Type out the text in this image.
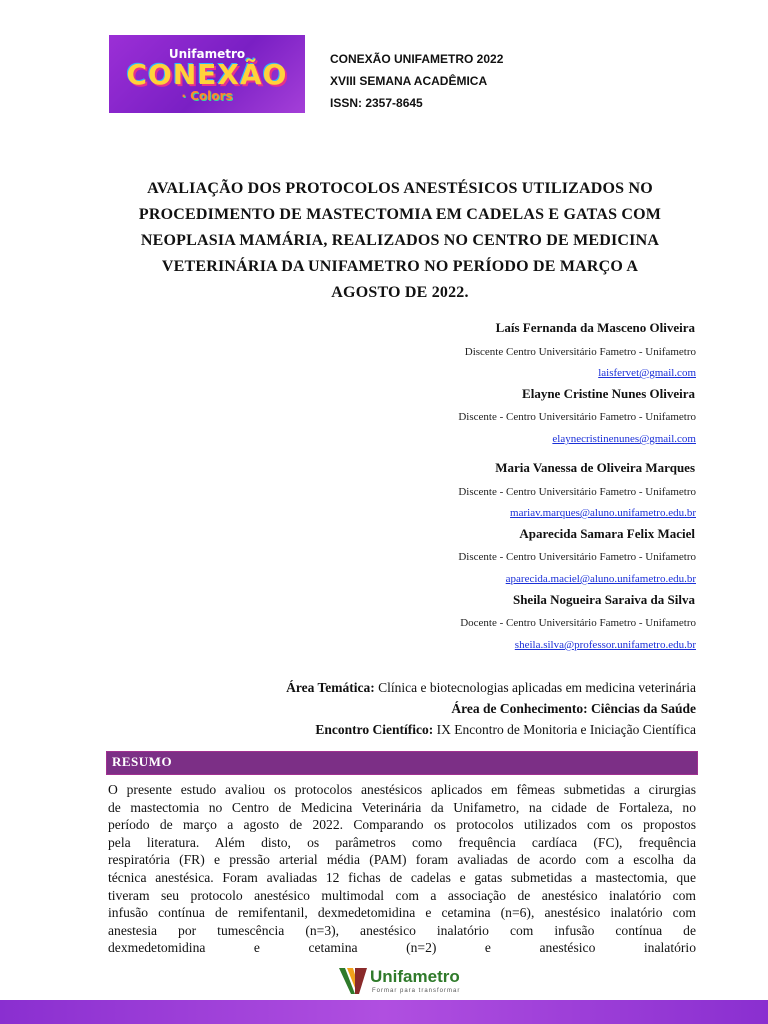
Unifametro
CONEXÃO
· Colors
CONEXÃO UNIFAMETRO 2022
XVIII SEMANA ACADÊMICA
ISSN: 2357-8645
AVALIAÇÃO DOS PROTOCOLOS ANESTÉSICOS UTILIZADOS NO
PROCEDIMENTO DE MASTECTOMIA EM CADELAS E GATAS COM
NEOPLASIA MAMÁRIA, REALIZADOS NO CENTRO DE MEDICINA
VETERINÁRIA DA UNIFAMETRO NO PERÍODO DE MARÇO A
AGOSTO DE 2022.
Laís Fernanda da Masceno Oliveira
Discente Centro Universitário Fametro - Unifametro
laisfervet@gmail.com
Elayne Cristine Nunes Oliveira
Discente - Centro Universitário Fametro - Unifametro
elaynecristinenunes@gmail.com
Maria Vanessa de Oliveira Marques
Discente - Centro Universitário Fametro - Unifametro
mariav.marques@aluno.unifametro.edu.br
Aparecida Samara Felix Maciel
Discente - Centro Universitário Fametro - Unifametro
aparecida.maciel@aluno.unifametro.edu.br
Sheila Nogueira Saraiva da Silva
Docente - Centro Universitário Fametro - Unifametro
sheila.silva@professor.unifametro.edu.br
Área Temática: Clínica e biotecnologias aplicadas em medicina veterinária
Área de Conhecimento: Ciências da Saúde
Encontro Científico: IX Encontro de Monitoria e Iniciação Científica
RESUMO
O presente estudo avaliou os protocolos anestésicos aplicados em fêmeas submetidas a cirurgias
de mastectomia no Centro de Medicina Veterinária da Unifametro, na cidade de Fortaleza, no
período de março a agosto de 2022. Comparando os protocolos utilizados com os propostos
pela literatura. Além disto, os parâmetros como frequência cardíaca (FC), frequência
respiratória (FR) e pressão arterial média (PAM) foram avaliadas de acordo com a escolha da
técnica anestésica. Foram avaliadas 12 fichas de cadelas e gatas submetidas a mastectomia, que
tiveram seu protocolo anestésico multimodal com a associação de anestésico inalatório com
infusão contínua de remifentanil, dexmedetomidina e cetamina (n=6), anestésico inalatório com
anestesia por tumescência (n=3), anestésico inalatório com infusão contínua de
dexmedetomidina e cetamina (n=2) e anestésico inalatório
Unifametro
Formar para transformar
